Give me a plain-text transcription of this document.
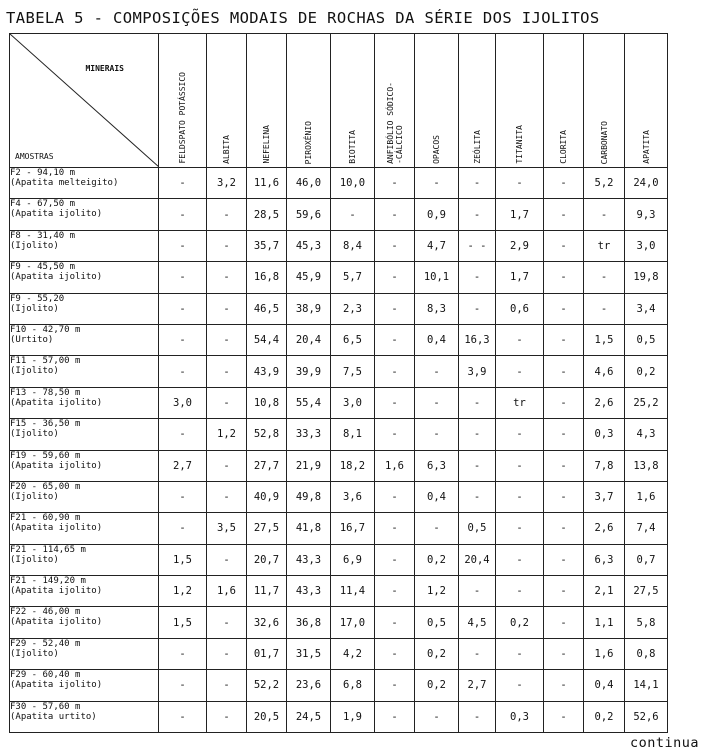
TABELA 5 - COMPOSIÇÕES MODAIS DE ROCHAS DA SÉRIE DOS IJOLITOS
MINERAIS
AMOSTRAS	FELDSPATO POTÁSSICO	ALBITA	NEFELINA	PIROXÊNIO	BIOTITA	ANFIBÓLIO SÓDICO-
-CÁLCICO	OPACOS	ZEÓLITA	TITANITA	CLORITA	CARBONATO	APATITA

F2 - 94,10 m
(Apatita melteigito)	-	3,2	11,6	46,0	10,0	-	-	-	-	-	5,2	24,0

F4 - 67,50 m
(Apatita ijolito)	-	-	28,5	59,6	-	-	0,9	-	1,7	-	-	9,3

F8 - 31,40 m
(Ijolito)	-	-	35,7	45,3	8,4	-	4,7	- -	2,9	-	tr	3,0

F9 - 45,50 m
(Apatita ijolito)	-	-	16,8	45,9	5,7	-	10,1	-	1,7	-	-	19,8

F9 - 55,20
(Ijolito)	-	-	46,5	38,9	2,3	-	8,3	-	0,6	-	-	3,4

F10 - 42,70 m
(Urtito)	-	-	54,4	20,4	6,5	-	0,4	16,3	-	-	1,5	0,5

F11 - 57,00 m
(Ijolito)	-	-	43,9	39,9	7,5	-	-	3,9	-	-	4,6	0,2

F13 - 78,50 m
(Apatita ijolito)	3,0	-	10,8	55,4	3,0	-	-	-	tr	-	2,6	25,2

F15 - 36,50 m
(Ijolito)	-	1,2	52,8	33,3	8,1	-	-	-	-	-	0,3	4,3

F19 - 59,60 m
(Apatita ijolito)	2,7	-	27,7	21,9	18,2	1,6	6,3	-	-	-	7,8	13,8

F20 - 65,00 m
(Ijolito)	-	-	40,9	49,8	3,6	-	0,4	-	-	-	3,7	1,6

F21 - 60,90 m
(Apatita ijolito)	-	3,5	27,5	41,8	16,7	-	-	0,5	-	-	2,6	7,4

F21 - 114,65 m
(Ijolito)	1,5	-	20,7	43,3	6,9	-	0,2	20,4	-	-	6,3	0,7

F21 - 149,20 m
(Apatita ijolito)	1,2	1,6	11,7	43,3	11,4	-	1,2	-	-	-	2,1	27,5

F22 - 46,00 m
(Apatita ijolito)	1,5	-	32,6	36,8	17,0	-	0,5	4,5	0,2	-	1,1	5,8

F29 - 52,40 m
(Ijolito)	-	-	01,7	31,5	4,2	-	0,2	-	-	-	1,6	0,8

F29 - 60,40 m
(Apatita ijolito)	-	-	52,2	23,6	6,8	-	0,2	2,7	-	-	0,4	14,1

F30 - 57,60 m
(Apatita urtito)	-	-	20,5	24,5	1,9	-	-	-	0,3	-	0,2	52,6
continua
